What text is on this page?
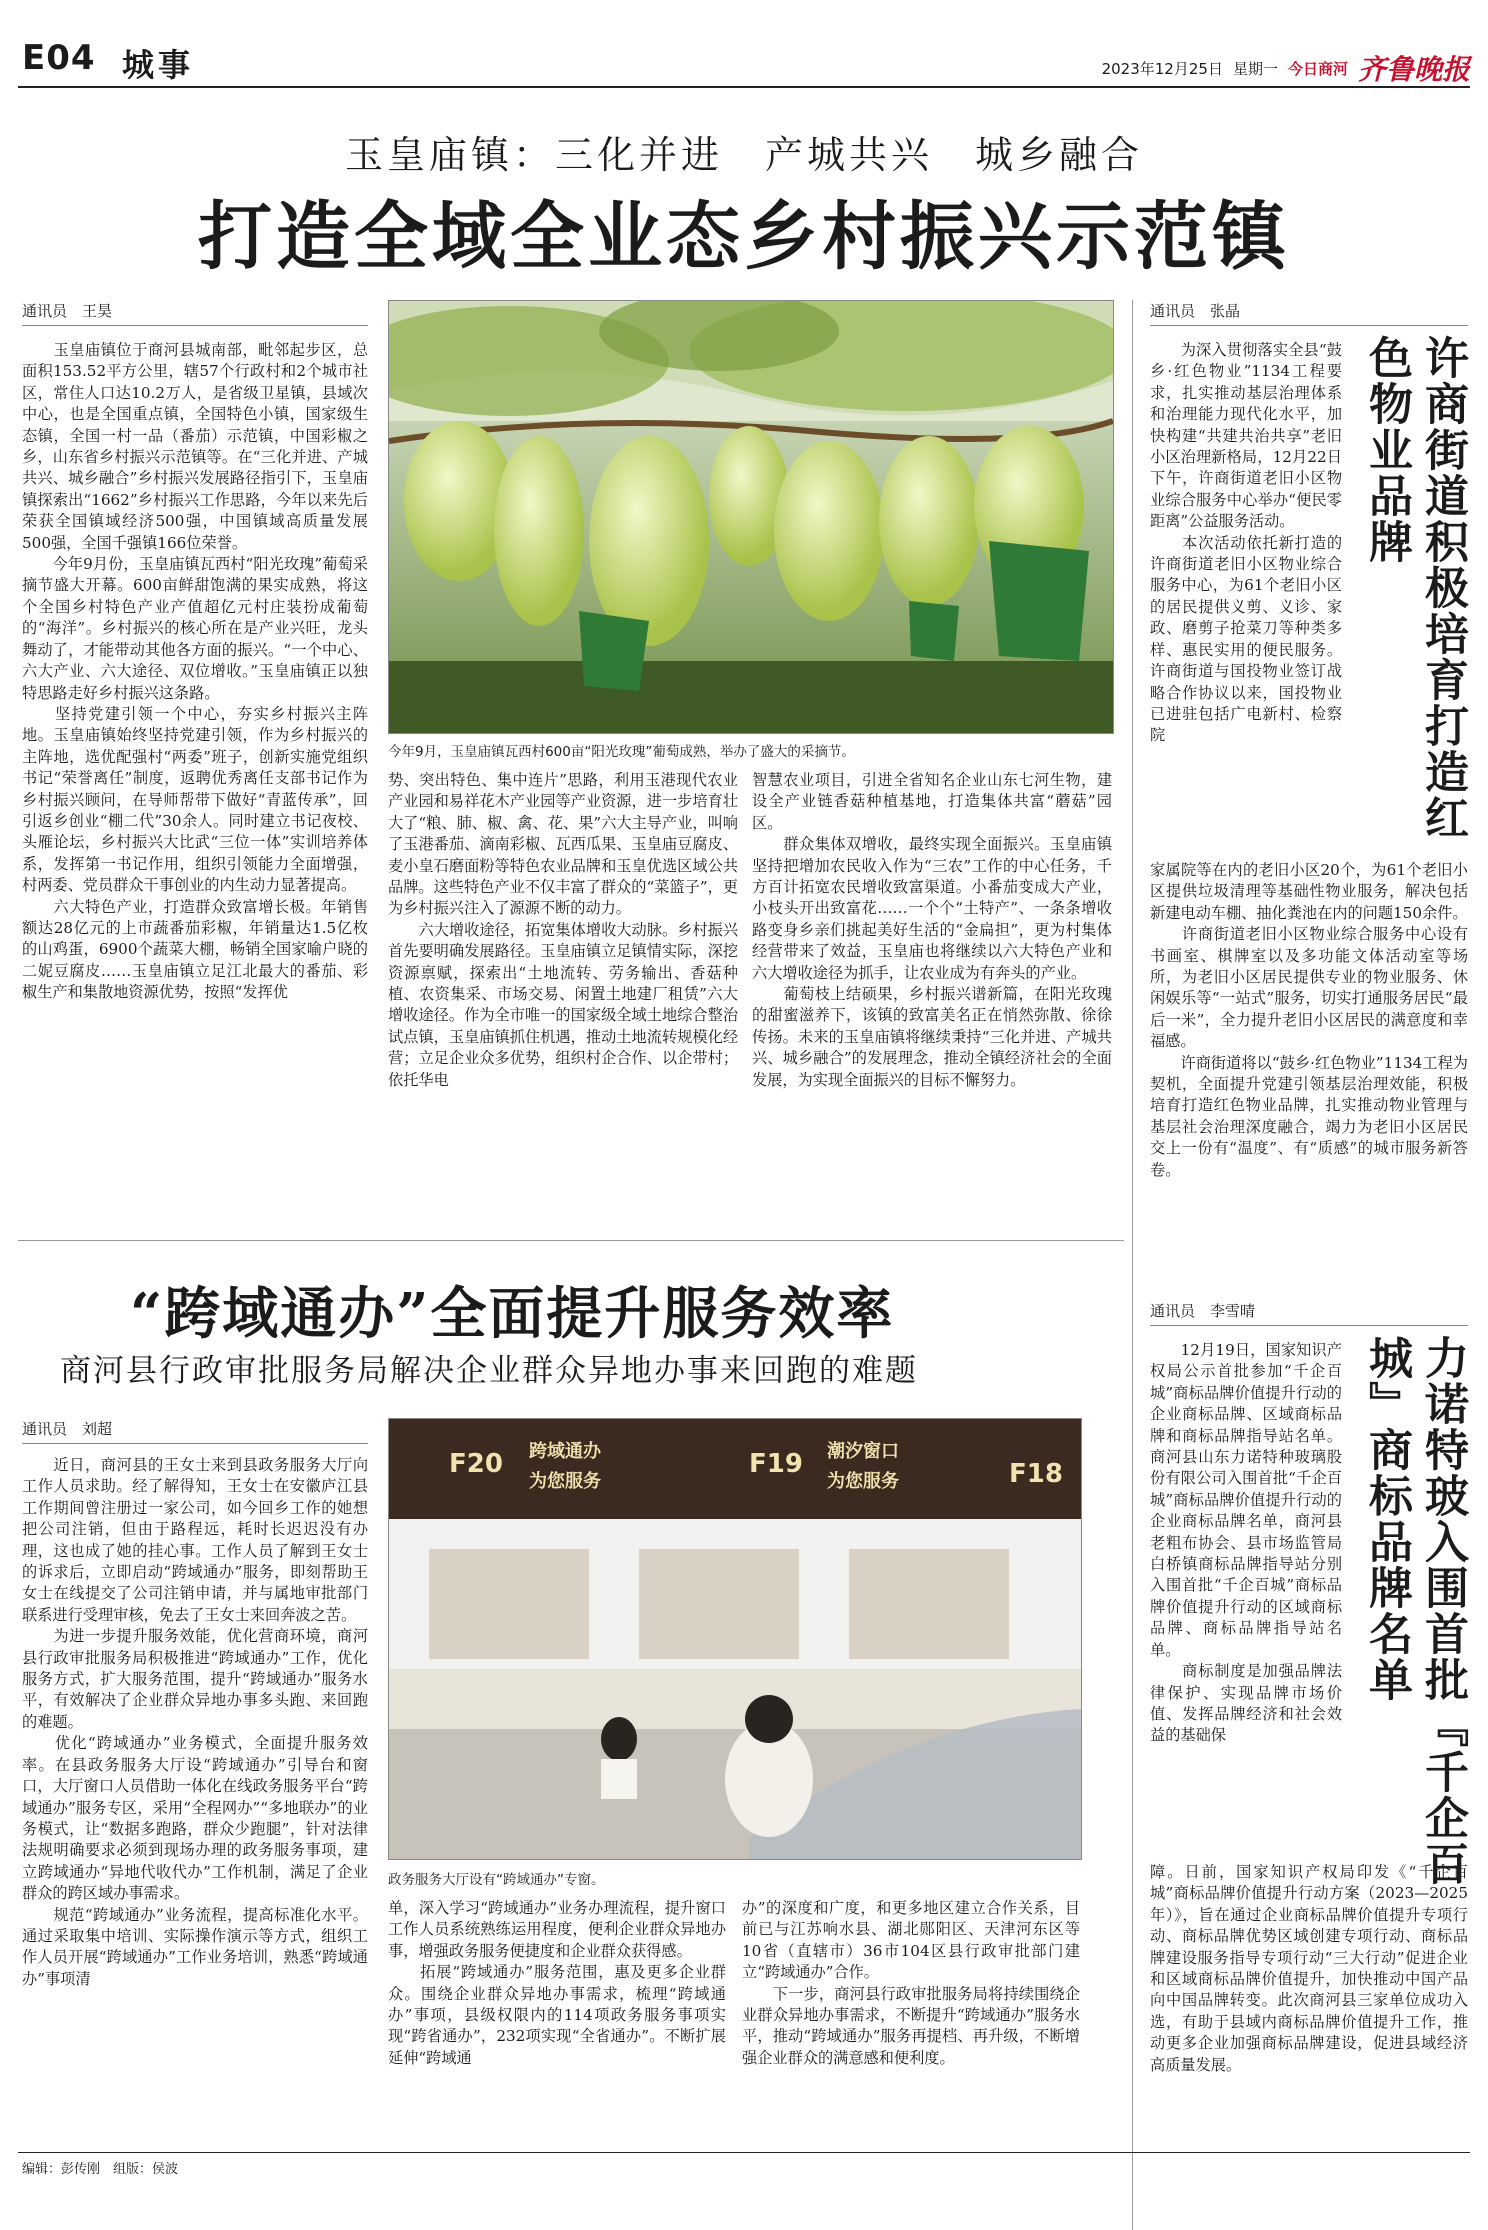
E04 城事	2023年12月25日 星期一 今日商河 齐鲁晚报
玉皇庙镇：三化并进　产城共兴　城乡融合
打造全域全业态乡村振兴示范镇
通讯员　王昊
　　玉皇庙镇位于商河县城南部，毗邻起步区，总面积153.52平方公里，辖57个行政村和2个城市社区，常住人口达10.2万人，是省级卫星镇，县域次中心，也是全国重点镇，全国特色小镇，国家级生态镇，全国一村一品（番茄）示范镇，中国彩椒之乡，山东省乡村振兴示范镇等。在“三化并进、产城共兴、城乡融合”乡村振兴发展路径指引下，玉皇庙镇探索出“1662”乡村振兴工作思路，今年以来先后荣获全国镇域经济500强，中国镇域高质量发展500强，全国千强镇166位荣誉。
　　今年9月份，玉皇庙镇瓦西村“阳光玫瑰”葡萄采摘节盛大开幕。600亩鲜甜饱满的果实成熟，将这个全国乡村特色产业产值超亿元村庄装扮成葡萄的“海洋”。乡村振兴的核心所在是产业兴旺，龙头舞动了，才能带动其他各方面的振兴。“一个中心、六大产业、六大途径、双位增收。”玉皇庙镇正以独特思路走好乡村振兴这条路。
　　坚持党建引领一个中心，夯实乡村振兴主阵地。玉皇庙镇始终坚持党建引领，作为乡村振兴的主阵地，选优配强村“两委”班子，创新实施党组织书记“荣誉离任”制度，返聘优秀离任支部书记作为乡村振兴顾问，在导师帮带下做好“青蓝传承”，回引返乡创业“棚二代”30余人。同时建立书记夜校、头雁论坛，乡村振兴大比武“三位一体”实训培养体系，发挥第一书记作用，组织引领能力全面增强，村两委、党员群众干事创业的内生动力显著提高。
　　六大特色产业，打造群众致富增长极。年销售额达28亿元的上市蔬番茄彩椒，年销量达1.5亿枚的山鸡蛋，6900个蔬菜大棚，畅销全国家喻户晓的二妮豆腐皮……玉皇庙镇立足江北最大的番茄、彩椒生产和集散地资源优势，按照“发挥优
今年9月，玉皇庙镇瓦西村600亩“阳光玫瑰”葡萄成熟，举办了盛大的采摘节。
势、突出特色、集中连片”思路，利用玉港现代农业产业园和易祥花木产业园等产业资源，进一步培育壮大了“粮、肺、椒、禽、花、果”六大主导产业，叫响了玉港番茄、滴南彩椒、瓦西瓜果、玉皇庙豆腐皮、麦小皇石磨面粉等特色农业品牌和玉皇优选区域公共品牌。这些特色产业不仅丰富了群众的“菜篮子”，更为乡村振兴注入了源源不断的动力。
　　六大增收途径，拓宽集体增收大动脉。乡村振兴首先要明确发展路径。玉皇庙镇立足镇情实际，深挖资源禀赋，探索出“土地流转、劳务输出、香菇种植、农资集采、市场交易、闲置土地建厂租赁”六大增收途径。作为全市唯一的国家级全域土地综合整治试点镇，玉皇庙镇抓住机遇，推动土地流转规模化经营；立足企业众多优势，组织村企合作、以企带村；依托华电
智慧农业项目，引进全省知名企业山东七河生物，建设全产业链香菇种植基地，打造集体共富“蘑菇”园区。
　　群众集体双增收，最终实现全面振兴。玉皇庙镇坚持把增加农民收入作为“三农”工作的中心任务，千方百计拓宽农民增收致富渠道。小番茄变成大产业，小枝头开出致富花……一个个“土特产”、一条条增收路变身乡亲们挑起美好生活的“金扁担”，更为村集体经营带来了效益，玉皇庙也将继续以六大特色产业和六大增收途径为抓手，让农业成为有奔头的产业。
　　葡萄枝上结硕果，乡村振兴谱新篇，在阳光玫瑰的甜蜜滋养下，该镇的致富美名正在悄然弥散、徐徐传扬。未来的玉皇庙镇将继续秉持“三化并进、产城共兴、城乡融合”的发展理念，推动全镇经济社会的全面发展，为实现全面振兴的目标不懈努力。
通讯员　张晶
许商街道积极培育打造红色物业品牌
　　为深入贯彻落实全县“鼓乡·红色物业”1134工程要求，扎实推动基层治理体系和治理能力现代化水平，加快构建“共建共治共享”老旧小区治理新格局，12月22日下午，许商街道老旧小区物业综合服务中心举办“便民零距离”公益服务活动。
　　本次活动依托新打造的许商街道老旧小区物业综合服务中心，为61个老旧小区的居民提供义剪、义诊、家政、磨剪子抢菜刀等种类多样、惠民实用的便民服务。许商街道与国投物业签订战略合作协议以来，国投物业已进驻包括广电新村、检察院
家属院等在内的老旧小区20个，为61个老旧小区提供垃圾清理等基础性物业服务，解决包括新建电动车棚、抽化粪池在内的问题150余件。
　　许商街道老旧小区物业综合服务中心设有书画室、棋牌室以及多功能文体活动室等场所，为老旧小区居民提供专业的物业服务、休闲娱乐等“一站式”服务，切实打通服务居民“最后一米”，全力提升老旧小区居民的满意度和幸福感。
　　许商街道将以“鼓乡·红色物业”1134工程为契机，全面提升党建引领基层治理效能，积极培育打造红色物业品牌，扎实推动物业管理与基层社会治理深度融合，竭力为老旧小区居民交上一份有“温度”、有“质感”的城市服务新答卷。
“跨域通办”全面提升服务效率
商河县行政审批服务局解决企业群众异地办事来回跑的难题
通讯员　刘超
　　近日，商河县的王女士来到县政务服务大厅向工作人员求助。经了解得知，王女士在安徽庐江县工作期间曾注册过一家公司，如今回乡工作的她想把公司注销，但由于路程远，耗时长迟迟没有办理，这也成了她的挂心事。工作人员了解到王女士的诉求后，立即启动“跨域通办”服务，即刻帮助王女士在线提交了公司注销申请，并与属地审批部门联系进行受理审核，免去了王女士来回奔波之苦。
　　为进一步提升服务效能，优化营商环境，商河县行政审批服务局积极推进“跨域通办”工作，优化服务方式，扩大服务范围，提升“跨域通办”服务水平，有效解决了企业群众异地办事多头跑、来回跑的难题。
　　优化“跨域通办”业务模式，全面提升服务效率。在县政务服务大厅设“跨域通办”引导台和窗口，大厅窗口人员借助一体化在线政务服务平台“跨域通办”服务专区，采用“全程网办”“多地联办”的业务模式，让“数据多跑路，群众少跑腿”，针对法律法规明确要求必须到现场办理的政务服务事项，建立跨域通办“异地代收代办”工作机制，满足了企业群众的跨区域办事需求。
　　规范“跨域通办”业务流程，提高标准化水平。通过采取集中培训、实际操作演示等方式，组织工作人员开展“跨域通办”工作业务培训，熟悉“跨域通办”事项清
F20 跨域通办
为您服务
F19 潮汐窗口
为您服务	F18
政务服务大厅设有“跨域通办”专窗。
单，深入学习“跨域通办”业务办理流程，提升窗口工作人员系统熟练运用程度，便利企业群众异地办事，增强政务服务便捷度和企业群众获得感。
　　拓展“跨域通办”服务范围，惠及更多企业群众。围绕企业群众异地办事需求，梳理“跨域通办”事项，县级权限内的114项政务服务事项实现“跨省通办”，232项实现“全省通办”。不断扩展延伸“跨域通
办”的深度和广度，和更多地区建立合作关系，目前已与江苏响水县、湖北郧阳区、天津河东区等10省（直辖市）36市104区县行政审批部门建立“跨域通办”合作。
　　下一步，商河县行政审批服务局将持续围绕企业群众异地办事需求，不断提升“跨域通办”服务水平，推动“跨域通办”服务再提档、再升级，不断增强企业群众的满意感和便利度。
通讯员　李雪晴
力诺特玻入围首批『千企百城』商标品牌名单
　　12月19日，国家知识产权局公示首批参加“千企百城”商标品牌价值提升行动的企业商标品牌、区域商标品牌和商标品牌指导站名单。商河县山东力诺特种玻璃股份有限公司入围首批“千企百城”商标品牌价值提升行动的企业商标品牌名单，商河县老粗布协会、县市场监管局白桥镇商标品牌指导站分别入围首批“千企百城”商标品牌价值提升行动的区域商标品牌、商标品牌指导站名单。
　　商标制度是加强品牌法律保护、实现品牌市场价值、发挥品牌经济和社会效益的基础保
障。日前，国家知识产权局印发《“千企百城”商标品牌价值提升行动方案（2023—2025年）》，旨在通过企业商标品牌价值提升专项行动、商标品牌优势区域创建专项行动、商标品牌建设服务指导专项行动“三大行动”促进企业和区域商标品牌价值提升，加快推动中国产品向中国品牌转变。此次商河县三家单位成功入选，有助于县域内商标品牌价值提升工作，推动更多企业加强商标品牌建设，促进县域经济高质量发展。
编辑：彭传刚　组版：侯波
